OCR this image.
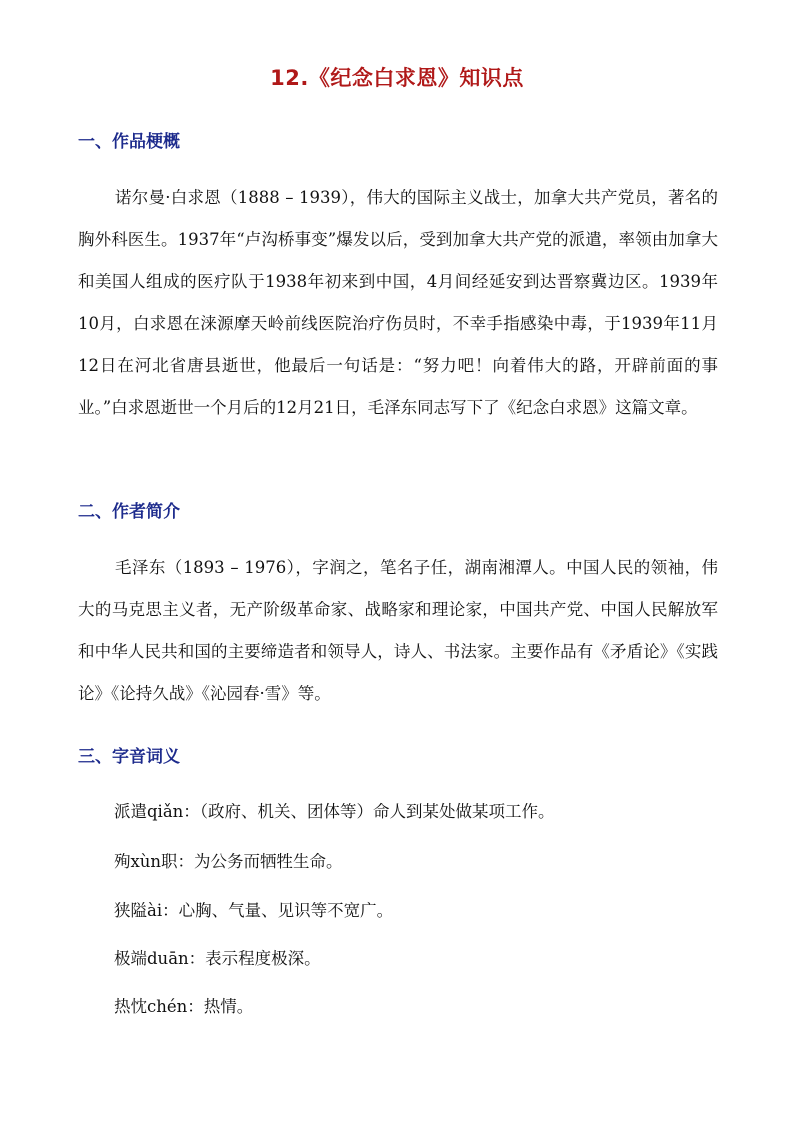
12.《纪念白求恩》知识点
一、作品梗概

诺尔曼·白求恩（1888 – 1939），伟大的国际主义战士，加拿大共产党员，著名的胸外科医生。1937年“卢沟桥事变”爆发以后，受到加拿大共产党的派遣，率领由加拿大和美国人组成的医疗队于1938年初来到中国，4月间经延安到达晋察冀边区。1939年10月，白求恩在涞源摩天岭前线医院治疗伤员时，不幸手指感染中毒，于1939年11月12日在河北省唐县逝世，他最后一句话是：“努力吧！向着伟大的路，开辟前面的事业。”白求恩逝世一个月后的12月21日，毛泽东同志写下了《纪念白求恩》这篇文章。

二、作者简介

毛泽东（1893 – 1976），字润之，笔名子任，湖南湘潭人。中国人民的领袖，伟大的马克思主义者，无产阶级革命家、战略家和理论家，中国共产党、中国人民解放军和中华人民共和国的主要缔造者和领导人，诗人、书法家。主要作品有《矛盾论》《实践论》《论持久战》《沁园春·雪》等。

三、字音词义
派遣qiǎn：（政府、机关、团体等）命人到某处做某项工作。
殉xùn职：为公务而牺牲生命。
狭隘ài：心胸、气量、见识等不宽广。
极端duān：表示程度极深。
热忱chén：热情。
